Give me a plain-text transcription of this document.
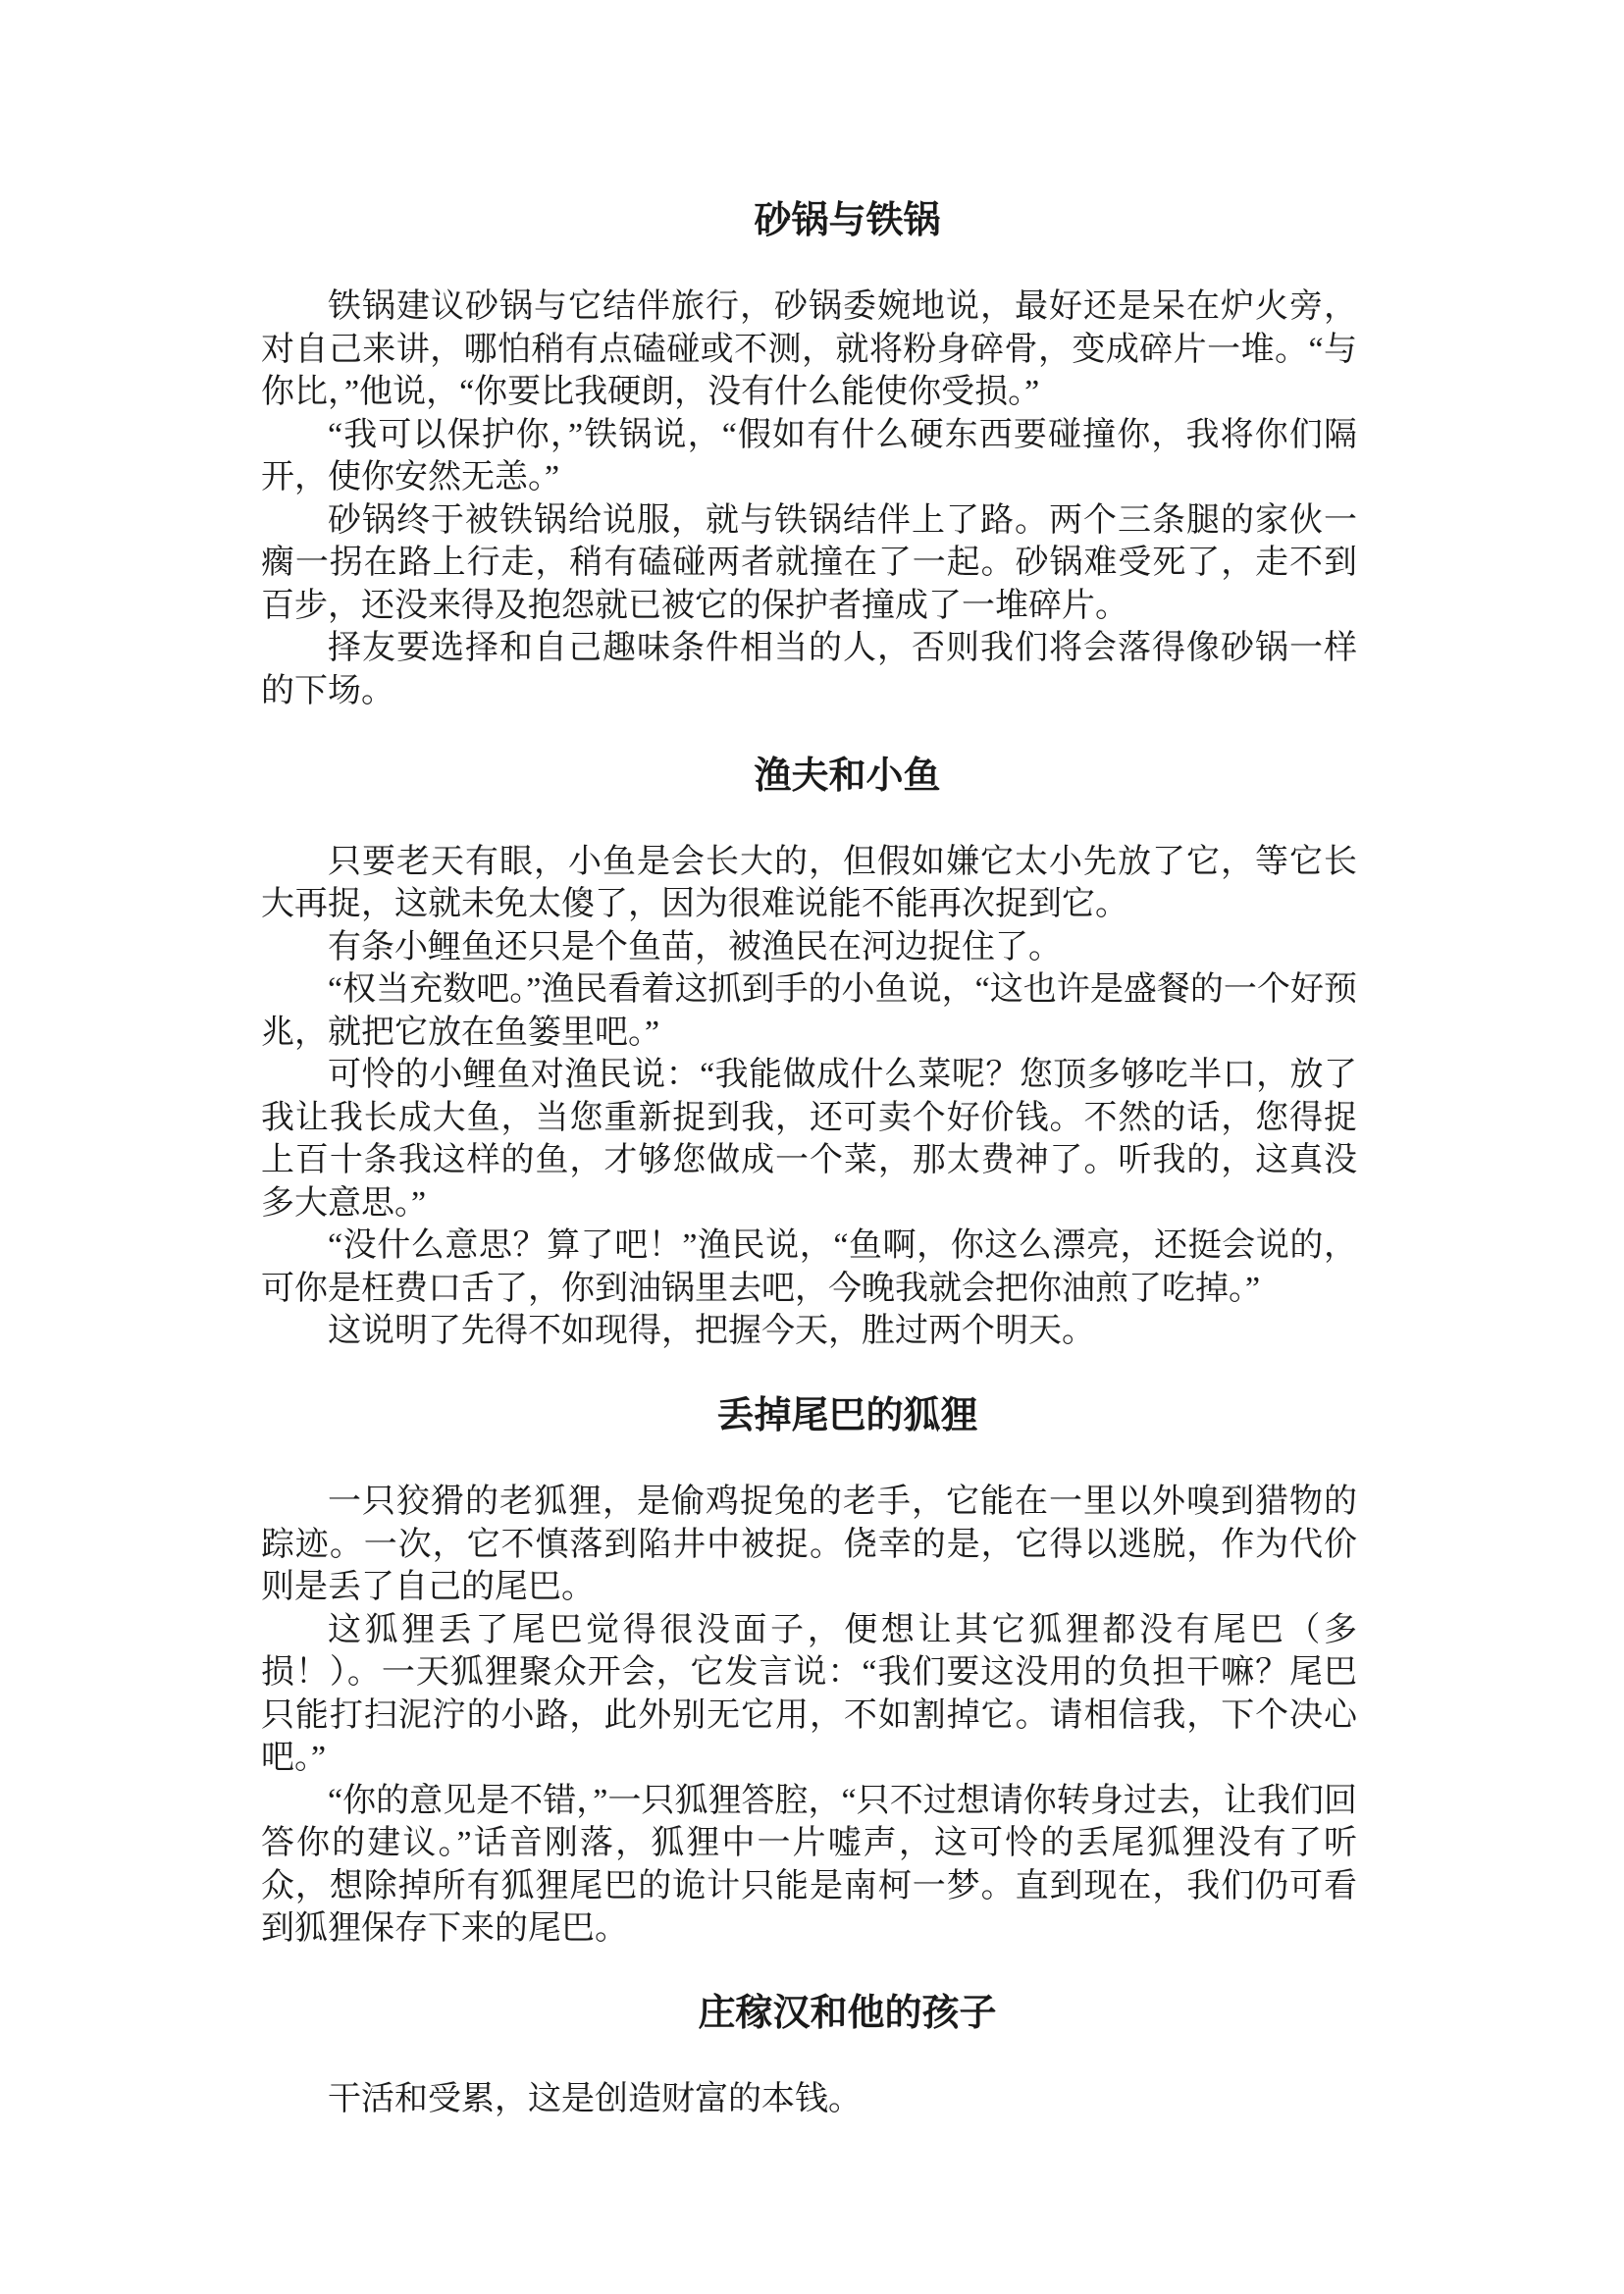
砂锅与铁锅

铁锅建议砂锅与它结伴旅行，砂锅委婉地说，最好还是呆在炉火旁，对自己来讲，哪怕稍有点磕碰或不测，就将粉身碎骨，变成碎片一堆。“与你比，”他说，“你要比我硬朗，没有什么能使你受损。”

“我可以保护你，”铁锅说，“假如有什么硬东西要碰撞你，我将你们隔开，使你安然无恙。”

砂锅终于被铁锅给说服，就与铁锅结伴上了路。两个三条腿的家伙一瘸一拐在路上行走，稍有磕碰两者就撞在了一起。砂锅难受死了，走不到百步，还没来得及抱怨就已被它的保护者撞成了一堆碎片。

择友要选择和自己趣味条件相当的人，否则我们将会落得像砂锅一样的下场。

渔夫和小鱼

只要老天有眼，小鱼是会长大的，但假如嫌它太小先放了它，等它长大再捉，这就未免太傻了，因为很难说能不能再次捉到它。

有条小鲤鱼还只是个鱼苗，被渔民在河边捉住了。

“权当充数吧。”渔民看着这抓到手的小鱼说，“这也许是盛餐的一个好预兆，就把它放在鱼篓里吧。”

可怜的小鲤鱼对渔民说：“我能做成什么菜呢？您顶多够吃半口，放了我让我长成大鱼，当您重新捉到我，还可卖个好价钱。不然的话，您得捉上百十条我这样的鱼，才够您做成一个菜，那太费神了。听我的，这真没多大意思。”

“没什么意思？算了吧！”渔民说，“鱼啊，你这么漂亮，还挺会说的，可你是枉费口舌了，你到油锅里去吧，今晚我就会把你油煎了吃掉。”

这说明了先得不如现得，把握今天，胜过两个明天。

丢掉尾巴的狐狸

一只狡猾的老狐狸，是偷鸡捉兔的老手，它能在一里以外嗅到猎物的踪迹。一次，它不慎落到陷井中被捉。侥幸的是，它得以逃脱，作为代价则是丢了自己的尾巴。

这狐狸丢了尾巴觉得很没面子，便想让其它狐狸都没有尾巴（多损！）。一天狐狸聚众开会，它发言说：“我们要这没用的负担干嘛？尾巴只能打扫泥泞的小路，此外别无它用，不如割掉它。请相信我，下个决心吧。”

“你的意见是不错，”一只狐狸答腔，“只不过想请你转身过去，让我们回答你的建议。”话音刚落，狐狸中一片嘘声，这可怜的丢尾狐狸没有了听众，想除掉所有狐狸尾巴的诡计只能是南柯一梦。直到现在，我们仍可看到狐狸保存下来的尾巴。

庄稼汉和他的孩子

干活和受累，这是创造财富的本钱。
